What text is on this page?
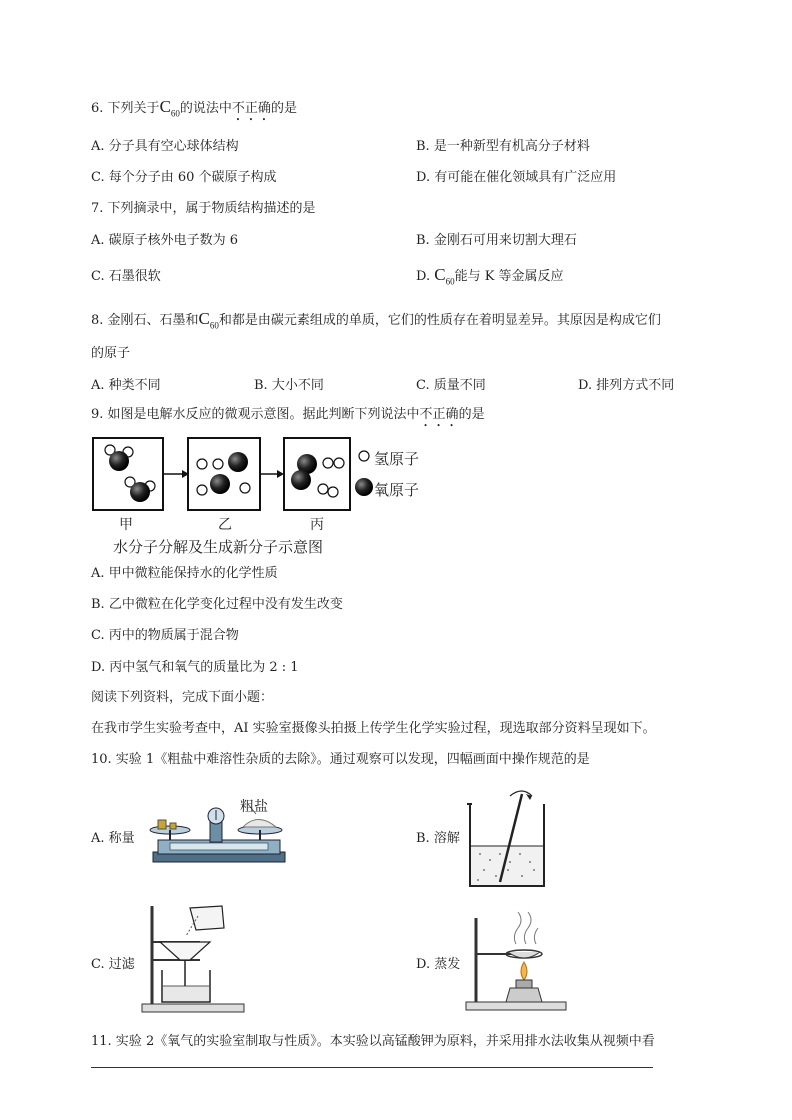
6. 下列关于$C_{60}$的说法中不正确的是
A. 分子具有空心球体结构	B. 是一种新型有机高分子材料
C. 每个分子由 60 个碳原子构成	D. 有可能在催化领域具有广泛应用
7. 下列摘录中，属于物质结构描述的是
A. 碳原子核外电子数为 6	B. 金刚石可用来切割大理石
C. 石墨很软	D. $C_{60}$能与 K 等金属反应
8. 金刚石、石墨和$C_{60}$和都是由碳元素组成的单质，它们的性质存在着明显差异。其原因是构成它们
的原子
A. 种类不同	B. 大小不同	C. 质量不同	D. 排列方式不同
9. 如图是电解水反应的微观示意图。据此判断下列说法中不正确的是
氢原子
氧原子
甲	乙	丙
水分子分解及生成新分子示意图
A. 甲中微粒能保持水的化学性质
B. 乙中微粒在化学变化过程中没有发生改变
C. 丙中的物质属于混合物
D. 丙中氢气和氧气的质量比为 2 : 1
阅读下列资料，完成下面小题：
在我市学生实验考查中，AI 实验室摄像头拍摄上传学生化学实验过程，现选取部分资料呈现如下。
10. 实验 1《粗盐中难溶性杂质的去除》。通过观察可以发现，四幅画面中操作规范的是
A. 称量
粗盐
B. 溶解
C. 过滤	D. 蒸发
11. 实验 2《氧气的实验室制取与性质》。本实验以高锰酸钾为原料，并采用排水法收集从视频中看
